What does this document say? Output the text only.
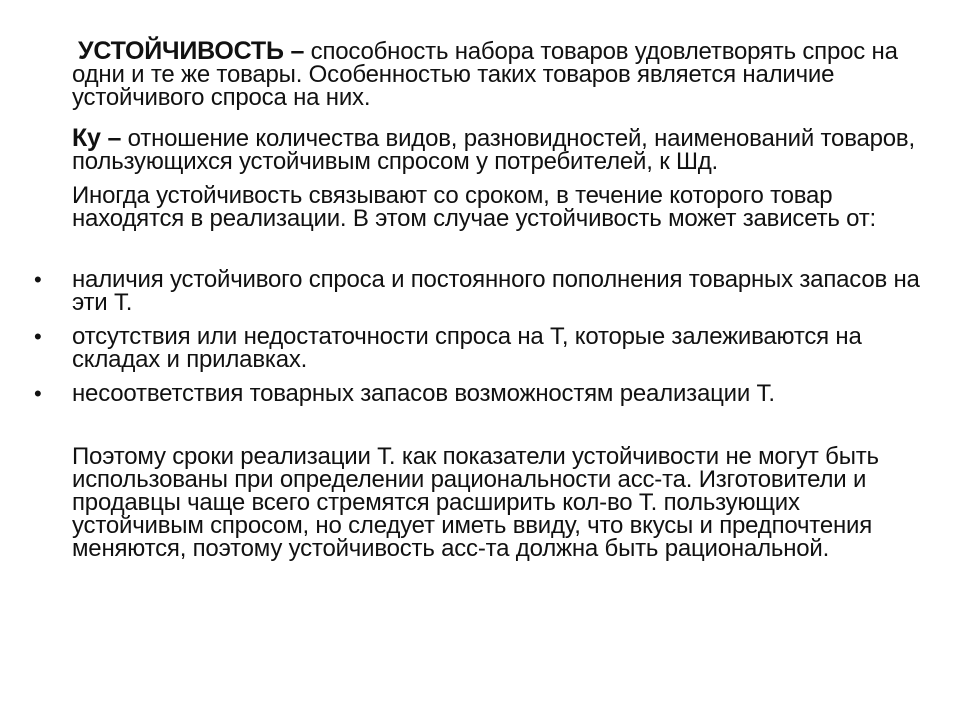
УСТОЙЧИВОСТЬ – способность набора товаров удовлетворять спрос на одни и те же товары. Особенностью таких товаров является наличие устойчивого спроса на них.
Ку – отношение количества видов, разновидностей, наименований товаров, пользующихся устойчивым спросом у потребителей, к Шд.
Иногда устойчивость связывают со сроком, в течение которого товар находятся в реализации. В этом случае устойчивость может зависеть от:
• наличия устойчивого спроса и постоянного пополнения товарных запасов на эти Т.
• отсутствия или недостаточности спроса на Т, которые залеживаются на складах и прилавках.
• несоответствия товарных запасов возможностям реализации Т.
Поэтому сроки реализации Т. как показатели устойчивости не могут быть использованы при определении рациональности асс-та. Изготовители и продавцы чаще всего стремятся расширить кол-во Т. пользующих устойчивым спросом, но следует иметь ввиду, что вкусы и предпочтения меняются, поэтому устойчивость асс-та должна быть рациональной.
